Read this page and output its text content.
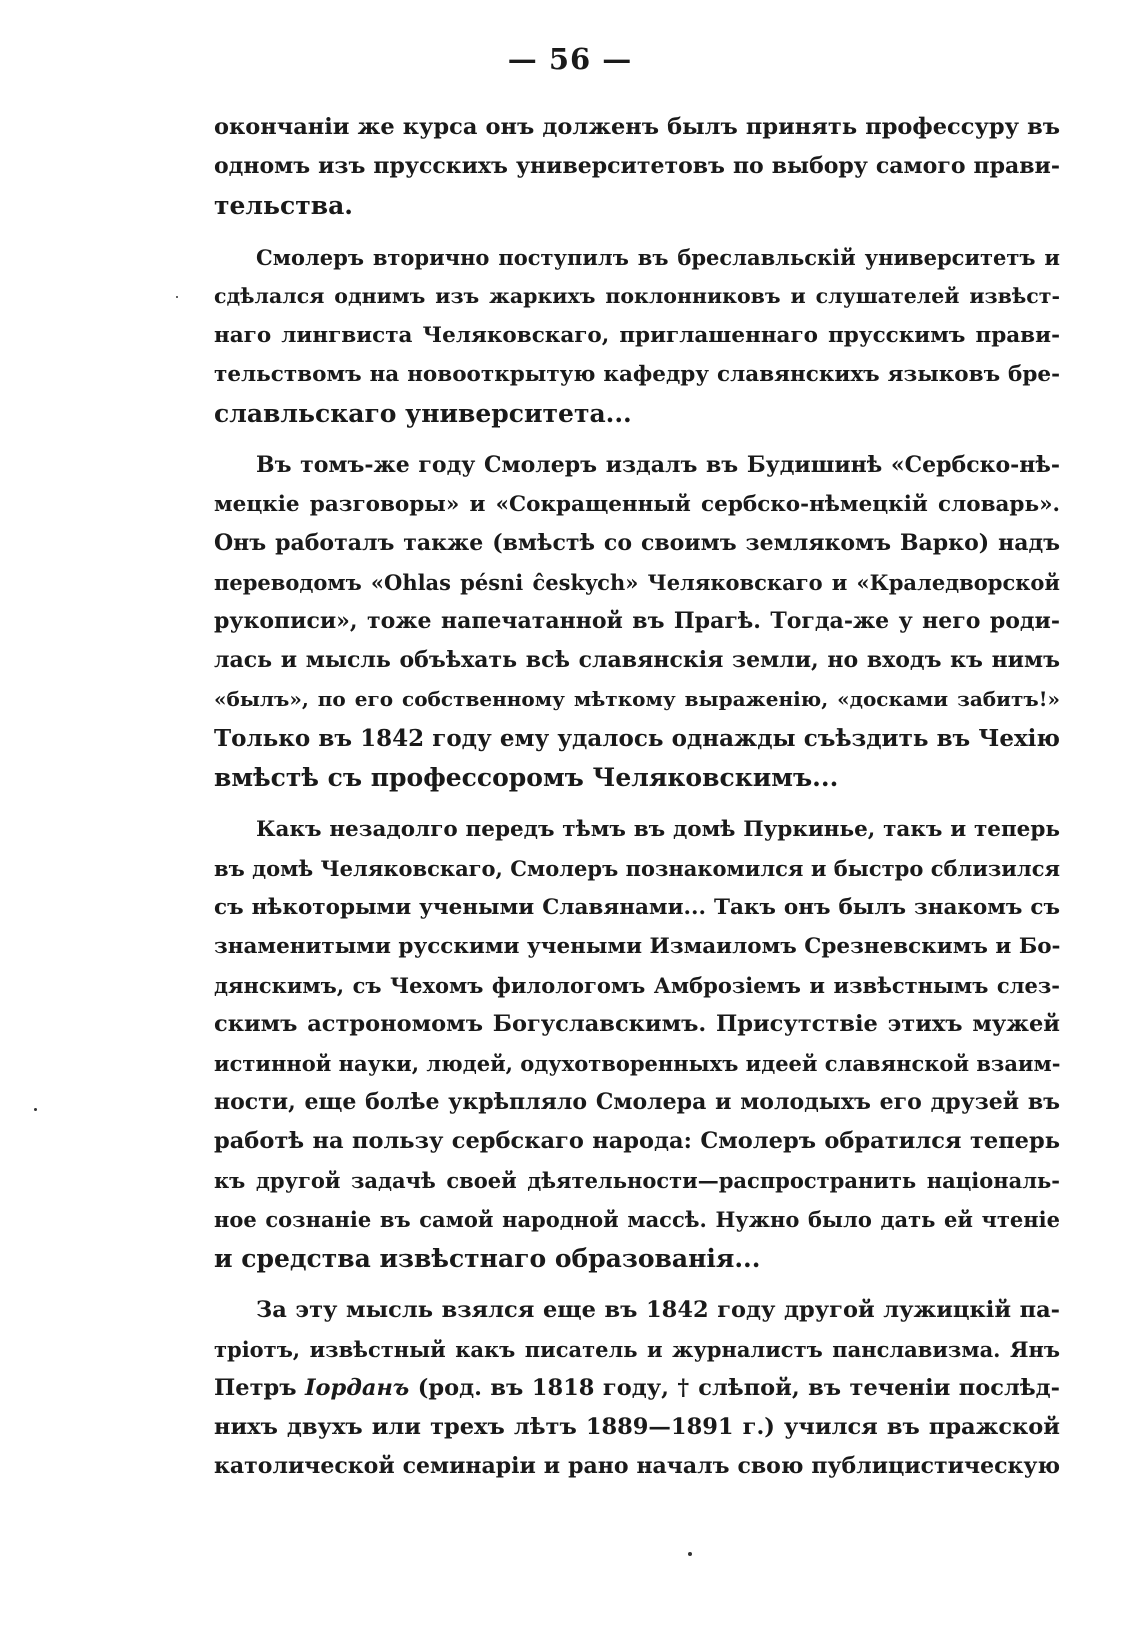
— 56 —
окончаніи же курса онъ долженъ былъ принять профессуру въ
одномъ изъ прусскихъ университетовъ по выбору самого прави-
тельства.
Смолеръ вторично поступилъ въ бреславльскій университетъ и
сдѣлался однимъ изъ жаркихъ поклонниковъ и слушателей извѣст-
наго лингвиста Челяковскаго, приглашеннаго прусскимъ прави-
тельствомъ на новооткрытую кафедру славянскихъ языковъ бре-
славльскаго университета...
Въ томъ-же году Смолеръ издалъ въ Будишинѣ «Сербско-нѣ-
мецкіе разговоры» и «Сокращенный сербско-нѣмецкій словарь».
Онъ работалъ также (вмѣстѣ со своимъ землякомъ Варко) надъ
переводомъ «Ohlas pésni ĉeskych» Челяковскаго и «Краледворской
рукописи», тоже напечатанной въ Прагѣ. Тогда-же у него роди-
лась и мысль объѣхать всѣ славянскія земли, но входъ къ нимъ
«былъ», по его собственному мѣткому выраженію, «досками забитъ!»
Только въ 1842 году ему удалось однажды съѣздить въ Чехію
вмѣстѣ съ профессоромъ Челяковскимъ...
Какъ незадолго передъ тѣмъ въ домѣ Пуркинье, такъ и теперь
въ домѣ Челяковскаго, Смолеръ познакомился и быстро сблизился
съ нѣкоторыми учеными Славянами... Такъ онъ былъ знакомъ съ
знаменитыми русскими учеными Измаиломъ Срезневскимъ и Бо-
дянскимъ, съ Чехомъ филологомъ Амброзіемъ и извѣстнымъ слез-
скимъ астрономомъ Богуславскимъ. Присутствіе этихъ мужей
истинной науки, людей, одухотворенныхъ идеей славянской взаим-
ности, еще болѣе укрѣпляло Смолера и молодыхъ его друзей въ
работѣ на пользу сербскаго народа: Смолеръ обратился теперь
къ другой задачѣ своей дѣятельности—распространить національ-
ное сознаніе въ самой народной массѣ. Нужно было дать ей чтеніе
и средства извѣстнаго образованія...
За эту мысль взялся еще въ 1842 году другой лужицкій па-
тріотъ, извѣстный какъ писатель и журналистъ панславизма. Янъ
Петръ Iорданъ (род. въ 1818 году, † слѣпой, въ теченіи послѣд-
нихъ двухъ или трехъ лѣтъ 1889—1891 г.) учился въ пражской
католической семинаріи и рано началъ свою публицистическую
